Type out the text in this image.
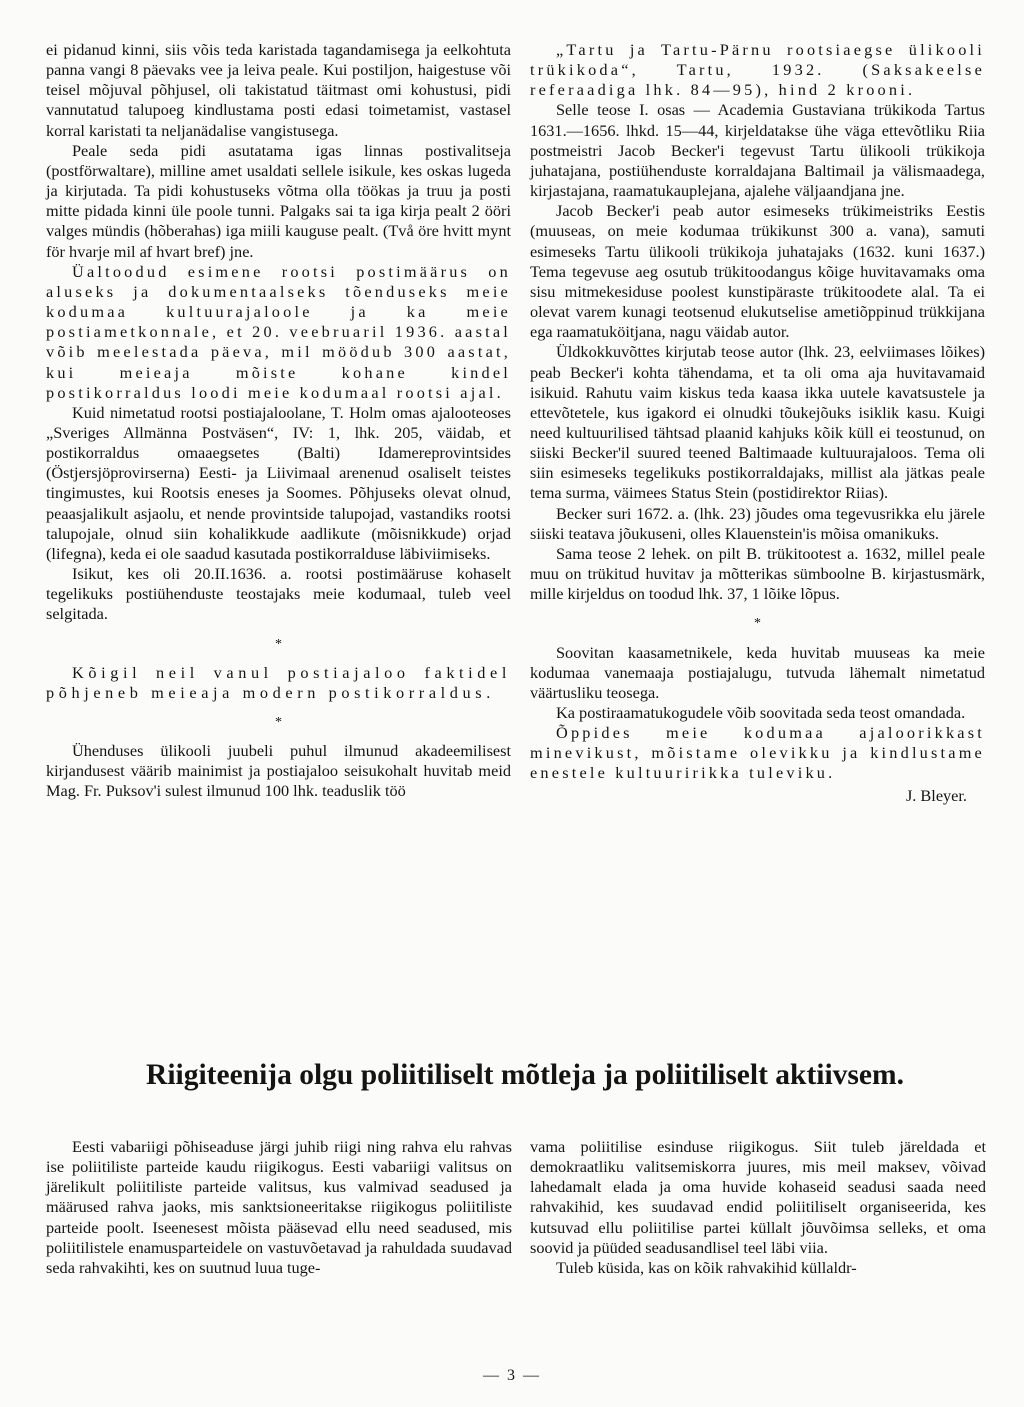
ei pidanud kinni, siis võis teda karistada tagandamisega ja eelkohtuta panna vangi 8 päevaks vee ja leiva peale. Kui postiljon, haigestuse või teisel mõjuval põhjusel, oli takistatud täitmast omi kohustusi, pidi vannutatud talupoeg kindlustama posti edasi toimetamist, vastasel korral karistati ta neljanädalise vangistusega.

Peale seda pidi asutatama igas linnas postivalitseja (postförwaltare), milline amet usaldati sellele isikule, kes oskas lugeda ja kirjutada. Ta pidi kohustuseks võtma olla töökas ja truu ja posti mitte pidada kinni üle poole tunni. Palgaks sai ta iga kirja pealt 2 ööri valges mündis (hõberahas) iga miili kauguse pealt. (Två öre hvitt mynt för hvarje mil af hvart bref) jne.

Üaltoodud esimene rootsi postimäärus on aluseks ja dokumentaalseks tõenduseks meie kodumaa kultuurajaloole ja ka meie postiametkonnale, et 20. veebruaril 1936. aastal võib meelestada päeva, mil möödub 300 aastat, kui meieaja mõiste kohane kindel postikorraldus loodi meie kodumaal rootsi ajal.

Kuid nimetatud rootsi postiajaloolane, T. Holm omas ajalooteoses „Sveriges Allmänna Postväsen“, IV: 1, lhk. 205, väidab, et postikorraldus omaaegsetes (Balti) Idamereprovintsides (Östjersjöprovirserna) Eesti- ja Liivimaal arenenud osaliselt teistes tingimustes, kui Rootsis eneses ja Soomes. Põhjuseks olevat olnud, peaasjalikult asjaolu, et nende provintside talupojad, vastandiks rootsi talupojale, olnud siin kohalikkude aadlikute (mõisnikkude) orjad (lifegna), keda ei ole saadud kasutada postikorralduse läbiviimiseks.

Isikut, kes oli 20.II.1636. a. rootsi postimääruse kohaselt tegelikuks postiühenduste teostajaks meie kodumaal, tuleb veel selgitada.

*

Kõigil neil vanul postiajaloo faktidel põhjeneb meieaja modern postikorraldus.

*

Ühenduses ülikooli juubeli puhul ilmunud akadeemilisest kirjandusest väärib mainimist ja postiajaloo seisukohalt huvitab meid Mag. Fr. Puksov'i sulest ilmunud 100 lhk. teaduslik töö

„Tartu ja Tartu-Pärnu rootsiaegse ülikooli trükikoda“, Tartu, 1932. (Saksakeelse referaadiga lhk. 84—95), hind 2 krooni.

Selle teose I. osas — Academia Gustaviana trükikoda Tartus 1631.—1656. lhkd. 15—44, kirjeldatakse ühe väga ettevõtliku Riia postmeistri Jacob Becker'i tegevust Tartu ülikooli trükikoja juhatajana, postiühenduste korraldajana Baltimail ja välismaadega, kirjastajana, raamatukauplejana, ajalehe väljaandjana jne.

Jacob Becker'i peab autor esimeseks trükimeistriks Eestis (muuseas, on meie kodumaa trükikunst 300 a. vana), samuti esimeseks Tartu ülikooli trükikoja juhatajaks (1632. kuni 1637.) Tema tegevuse aeg osutub trükitoodangus kõige huvitavamaks oma sisu mitmekesiduse poolest kunstipäraste trükitoodete alal. Ta ei olevat varem kunagi teotsenud elukutselise ametiõppinud trükkijana ega raamatuköitjana, nagu väidab autor.

Üldkokkuvõttes kirjutab teose autor (lhk. 23, eelviimases lõikes) peab Becker'i kohta tähendama, et ta oli oma aja huvitavamaid isikuid. Rahutu vaim kiskus teda kaasa ikka uutele kavatsustele ja ettevõtetele, kus igakord ei olnudki tõukejõuks isiklik kasu. Kuigi need kultuurilised tähtsad plaanid kahjuks kõik küll ei teostunud, on siiski Becker'il suured teened Baltimaade kultuurajaloos. Tema oli siin esimeseks tegelikuks postikorraldajaks, millist ala jätkas peale tema surma, väimees Status Stein (postidirektor Riias).

Becker suri 1672. a. (lhk. 23) jõudes oma tegevusrikka elu järele siiski teatava jõukuseni, olles Klauenstein'is mõisa omanikuks.

Sama teose 2 lehek. on pilt B. trükitootest a. 1632, millel peale muu on trükitud huvitav ja mõtterikas sümboolne B. kirjastusmärk, mille kirjeldus on toodud lhk. 37, 1 lõike lõpus.

*

Soovitan kaasametnikele, keda huvitab muuseas ka meie kodumaa vanemaaja postiajalugu, tutvuda lähemalt nimetatud väärtusliku teosega.

Ka postiraamatukogudele võib soovitada seda teost omandada.

Õppides meie kodumaa ajaloorikkast minevikust, mõistame olevikku ja kindlustame enestele kultuuririkka tuleviku.

J. Bleyer.

Riigiteenija olgu poliitiliselt mõtleja ja poliitiliselt aktiivsem.

Eesti vabariigi põhiseaduse järgi juhib riigi ning rahva elu rahvas ise poliitiliste parteide kaudu riigikogus. Eesti vabariigi valitsus on järelikult poliitiliste parteide valitsus, kus valmivad seadused ja määrused rahva jaoks, mis sanktsioneeritakse riigikogus poliitiliste parteide poolt. Iseenesest mõista pääsevad ellu need seadused, mis poliitilistele enamusparteidele on vastuvõetavad ja rahuldada suudavad seda rahvakihti, kes on suutnud luua tuge-

vama poliitilise esinduse riigikogus. Siit tuleb järeldada et demokraatliku valitsemiskorra juures, mis meil maksev, võivad lahedamalt elada ja oma huvide kohaseid seadusi saada need rahvakihid, kes suudavad endid poliitiliselt organiseerida, kes kutsuvad ellu poliitilise partei küllalt jõuvõimsa selleks, et oma soovid ja püüded seadusandlisel teel läbi viia.

Tuleb küsida, kas on kõik rahvakihid küllaldr-

— 3 —
